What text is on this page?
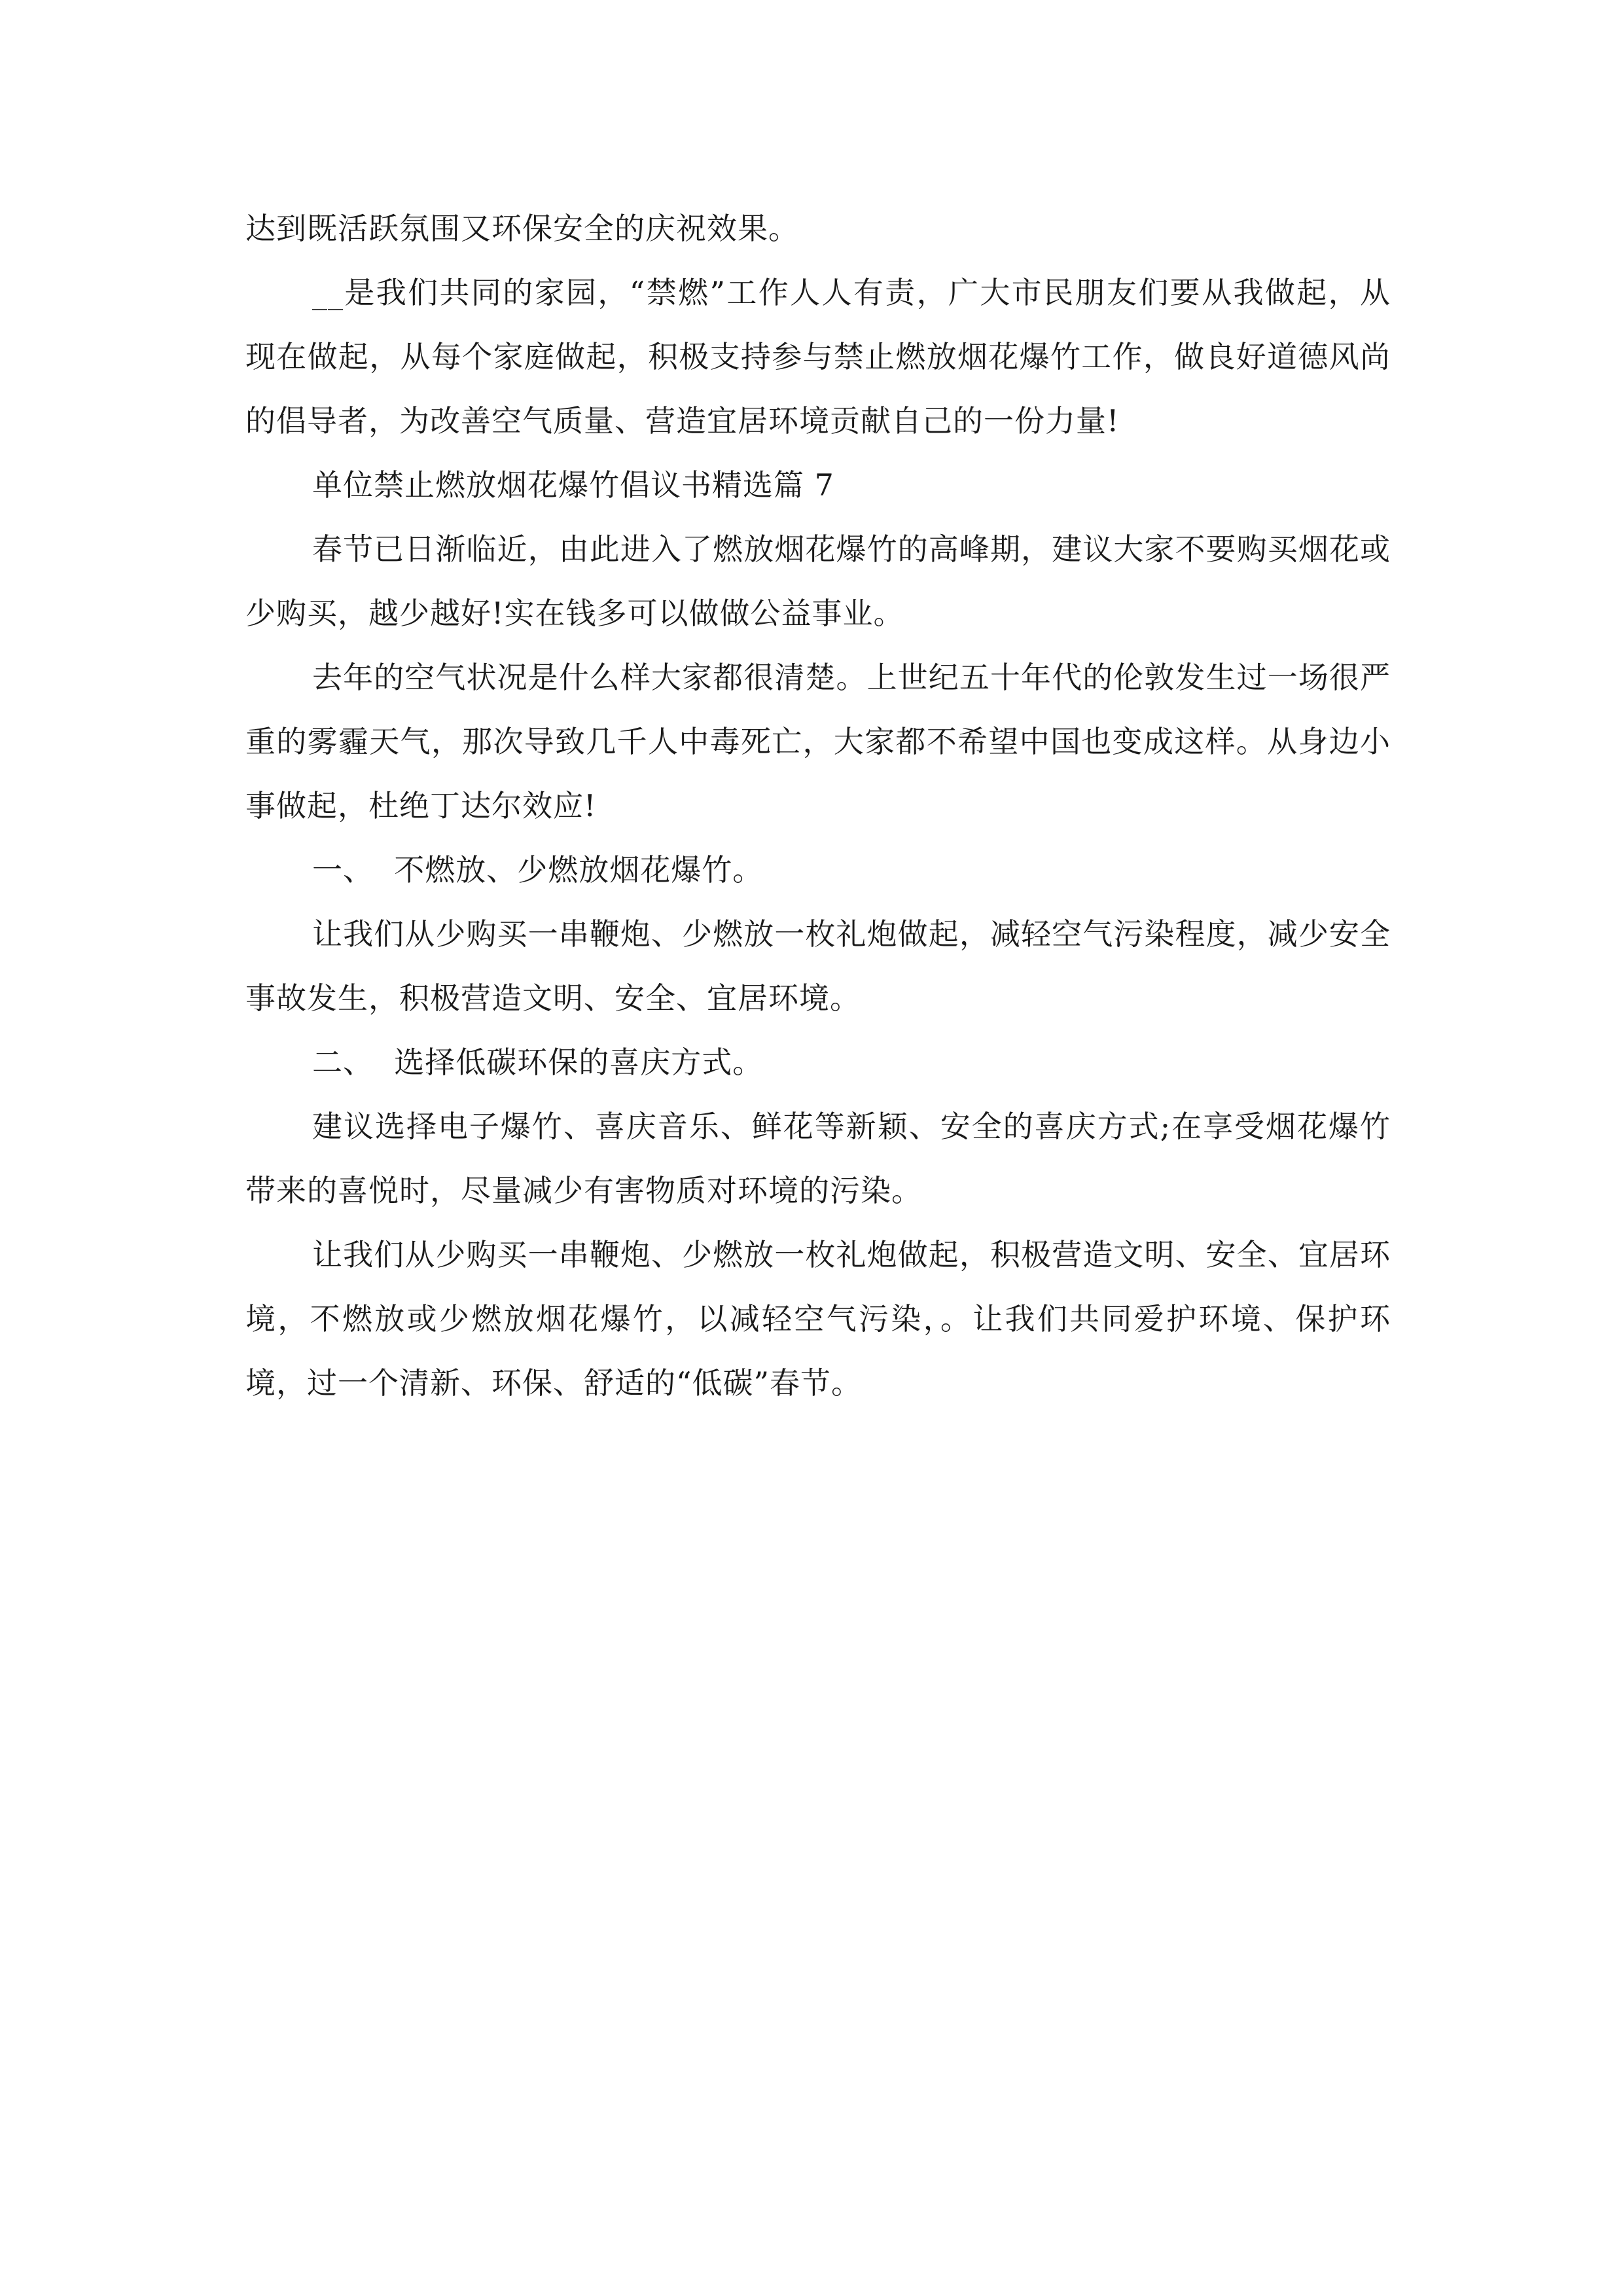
达到既活跃氛围又环保安全的庆祝效果。

__是我们共同的家园，“禁燃”工作人人有责，广大市民朋友们要从我做起，从现在做起，从每个家庭做起，积极支持参与禁止燃放烟花爆竹工作，做良好道德风尚的倡导者，为改善空气质量、营造宜居环境贡献自己的一份力量!

单位禁止燃放烟花爆竹倡议书精选篇 7

春节已日渐临近，由此进入了燃放烟花爆竹的高峰期，建议大家不要购买烟花或少购买，越少越好!实在钱多可以做做公益事业。

去年的空气状况是什么样大家都很清楚。上世纪五十年代的伦敦发生过一场很严重的雾霾天气，那次导致几千人中毒死亡，大家都不希望中国也变成这样。从身边小事做起，杜绝丁达尔效应!

一、  不燃放、少燃放烟花爆竹。

让我们从少购买一串鞭炮、少燃放一枚礼炮做起，减轻空气污染程度，减少安全事故发生，积极营造文明、安全、宜居环境。

二、  选择低碳环保的喜庆方式。

建议选择电子爆竹、喜庆音乐、鲜花等新颖、安全的喜庆方式;在享受烟花爆竹带来的喜悦时，尽量减少有害物质对环境的污染。

让我们从少购买一串鞭炮、少燃放一枚礼炮做起，积极营造文明、安全、宜居环境，不燃放或少燃放烟花爆竹，以减轻空气污染，。让我们共同爱护环境、保护环境，过一个清新、环保、舒适的“低碳”春节。
